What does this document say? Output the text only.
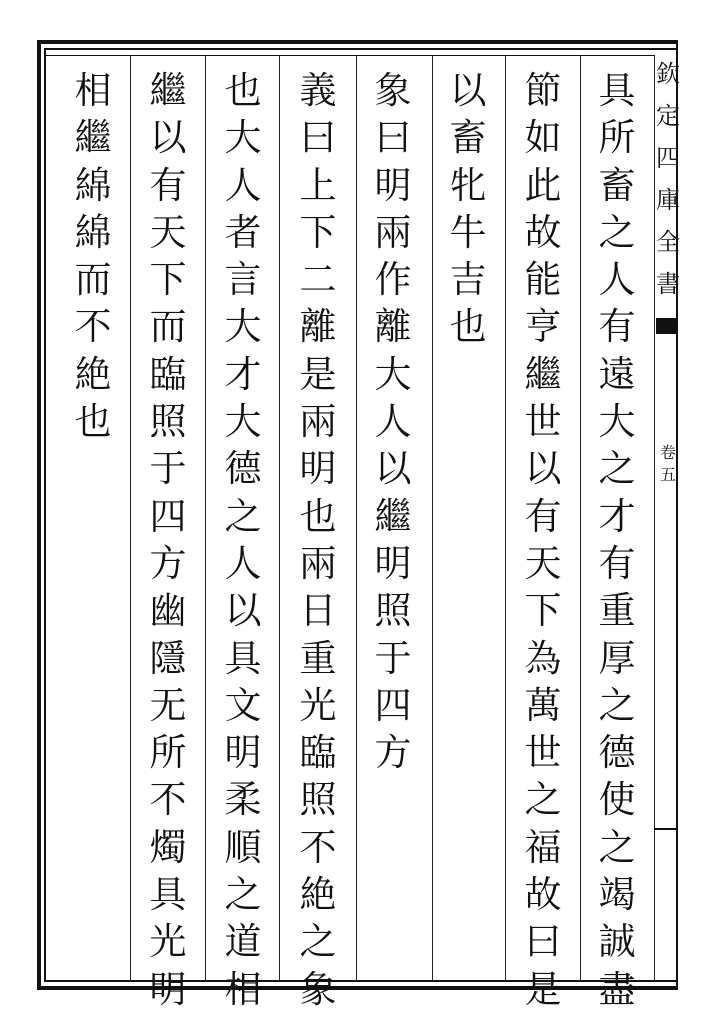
欽
定
四
庫
全
書
卷
五
具
所
畜
之
人
有
遠
大
之
才
有
重
厚
之
德
使
之
竭
誠
盡
節
如
此
故
能
亨
繼
世
以
有
天
下
為
萬
世
之
福
故
曰
是
以
畜
牝
牛
吉
也
象
曰
明
兩
作
離
大
人
以
繼
明
照
于
四
方
義
曰
上
下
二
離
是
兩
明
也
兩
日
重
光
臨
照
不
絶
之
象
也
大
人
者
言
大
才
大
德
之
人
以
具
文
明
柔
順
之
道
相
繼
以
有
天
下
而
臨
照
于
四
方
幽
隱
无
所
不
燭
具
光
明
相
繼
綿
綿
而
不
絶
也
